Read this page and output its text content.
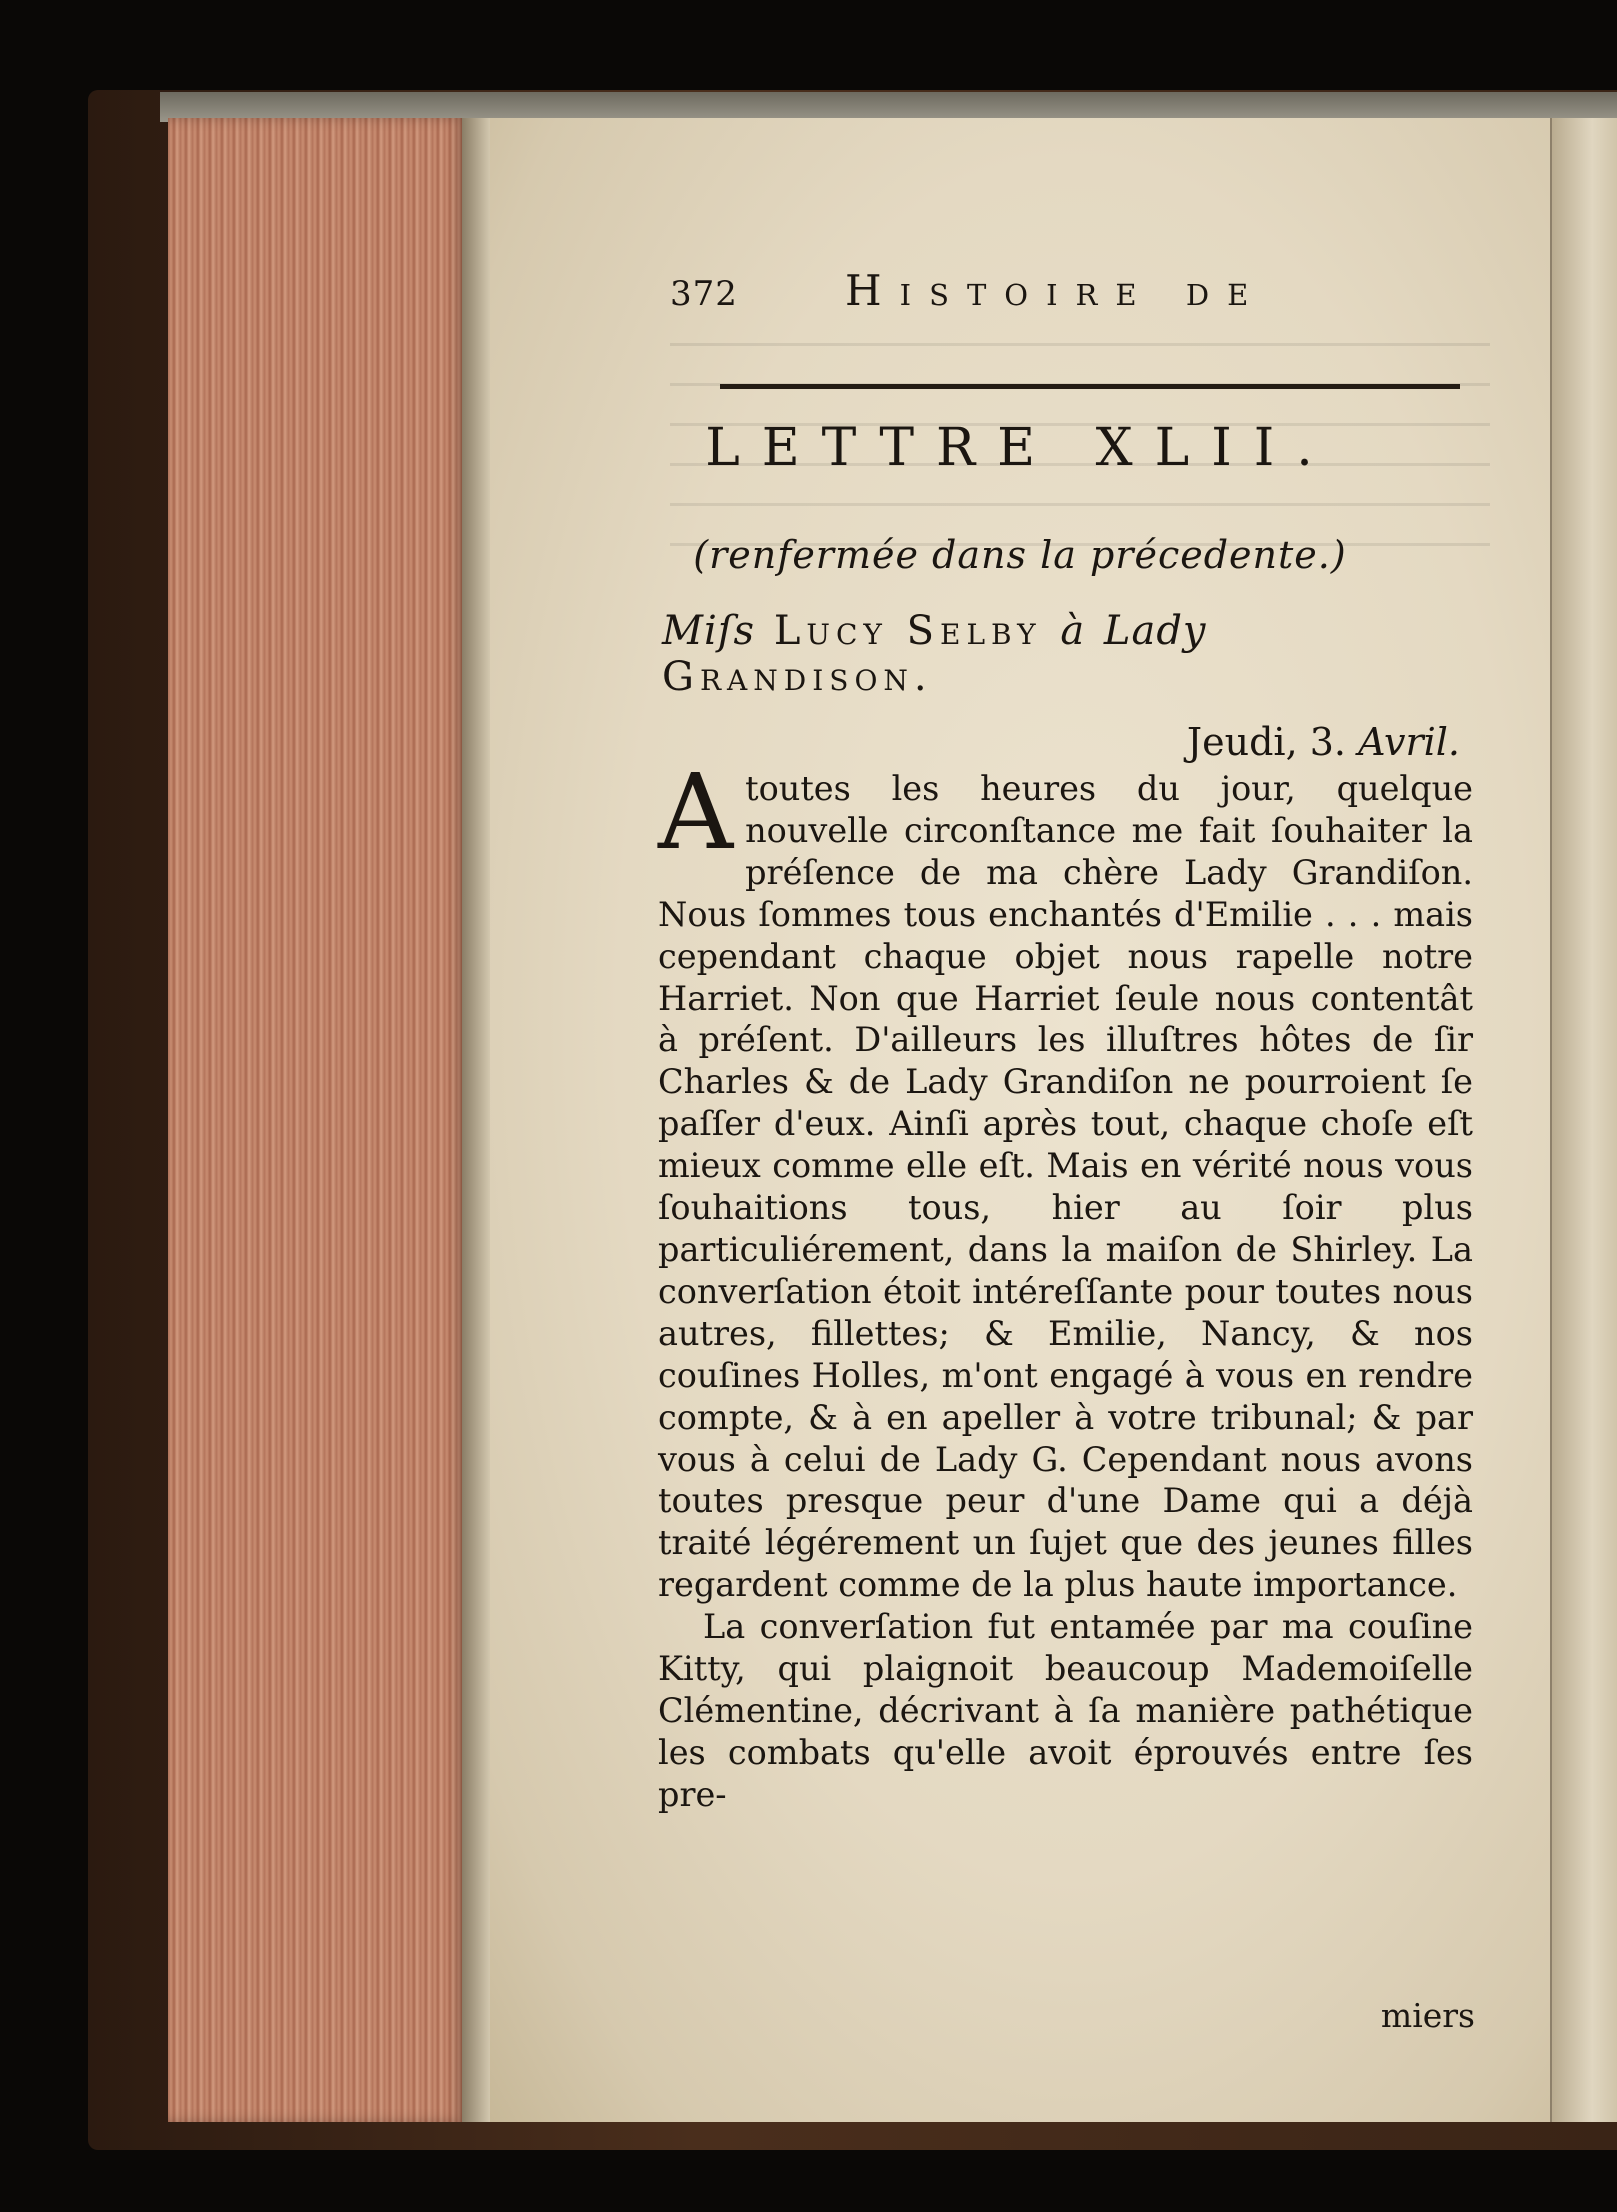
372	Histoire de
LETTRE XLII.
(renfermée dans la précedente.)
Miſs Lucy Selby à Lady Grandison.
Jeudi, 3. Avril.

Atoutes les heures du jour, quelque nouvelle circonſtance me fait ſouhaiter la préſence de ma chère Lady Grandiſon. Nous ſommes tous enchantés d'Emilie . . . mais cependant chaque objet nous rapelle notre Harriet. Non que Harriet ſeule nous contentât à préſent. D'ailleurs les illuſtres hôtes de ſir Charles & de Lady Grandiſon ne pourroient ſe paſſer d'eux. Ainſi après tout, chaque choſe eſt mieux comme elle eſt. Mais en vérité nous vous ſouhaitions tous, hier au ſoir plus particuliérement, dans la maiſon de Shirley. La converſation étoit intéreſſante pour toutes nous autres, fillettes; & Emilie, Nancy, & nos couſines Holles, m'ont engagé à vous en rendre compte, & à en apeller à votre tribunal; & par vous à celui de Lady G. Cependant nous avons toutes presque peur d'une Dame qui a déjà traité légérement un ſujet que des jeunes filles regardent comme de la plus haute importance.

La converſation fut entamée par ma couſine Kitty, qui plaignoit beaucoup Mademoiſelle Clémentine, décrivant à ſa manière pathétique les combats qu'elle avoit éprouvés entre ſes pre-

miers
